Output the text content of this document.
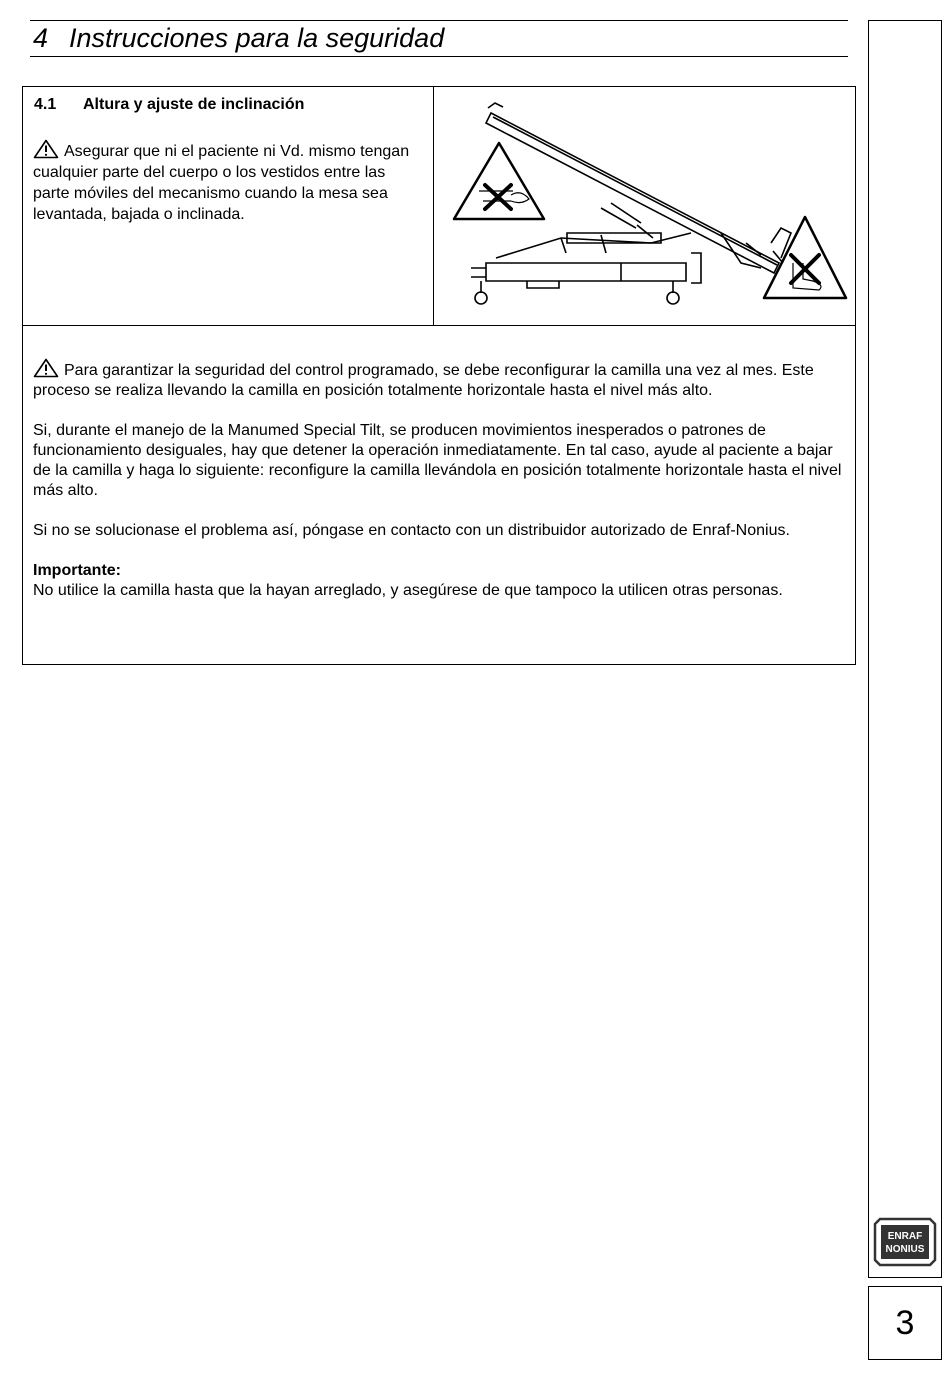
4 Instrucciones para la seguridad
ENRAF
NONIUS
3
4.1 Altura y ajuste de inclinación
Asegurar que ni el paciente ni Vd. mismo tengan cualquier parte del cuerpo o los vestidos entre las parte móviles del mecanismo cuando la mesa sea levantada, bajada o inclinada.

Para garantizar la seguridad del control programado, se debe reconfigurar la camilla una vez al mes. Este proceso se realiza llevando la camilla en posición totalmente horizontale hasta el nivel más alto.

Si, durante el manejo de la Manumed Special Tilt, se producen movimientos inesperados o patrones de funcionamiento desiguales, hay que detener la operación inmediatamente. En tal caso, ayude al paciente a bajar de la camilla y haga lo siguiente: reconfigure la camilla llevándola en posición totalmente horizontale hasta el nivel más alto.

Si no se solucionase el problema así, póngase en contacto con un distribuidor autorizado de Enraf-Nonius.

Importante:
No utilice la camilla hasta que la hayan arreglado, y asegúrese de que tampoco la utilicen otras personas.
